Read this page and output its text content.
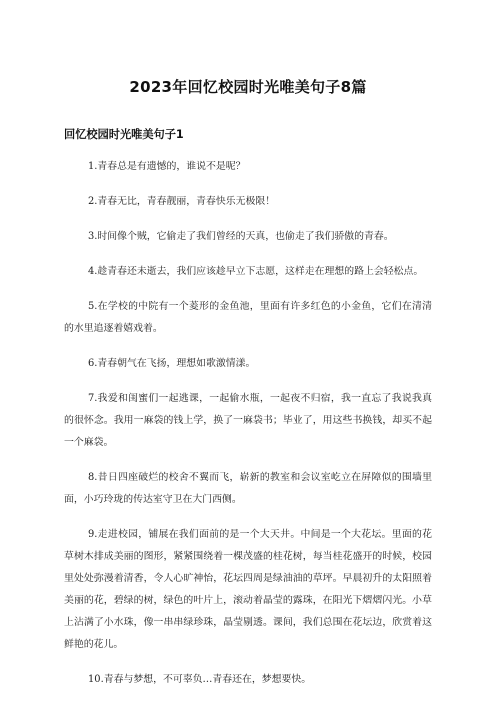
2023年回忆校园时光唯美句子8篇
回忆校园时光唯美句子1

1.青春总是有遗憾的，谁说不是呢？

2.青春无比，青春靓丽，青春快乐无极限！

3.时间像个贼，它偷走了我们曾经的天真，也偷走了我们骄傲的青春。

4.趁青春还未逝去，我们应该趁早立下志愿，这样走在理想的路上会轻松点。

5.在学校的中院有一个菱形的金鱼池，里面有许多红色的小金鱼，它们在清清的水里追逐着嬉戏着。

6.青春朝气在飞扬，理想如歌激情漾。

7.我爱和闺蜜们一起逃课，一起偷水瓶，一起夜不归宿，我一直忘了我说我真的很怀念。我用一麻袋的钱上学，换了一麻袋书；毕业了，用这些书换钱，却买不起一个麻袋。

8.昔日四座破烂的校舍不翼而飞，崭新的教室和会议室屹立在屏障似的围墙里面，小巧玲珑的传达室守卫在大门西侧。

9.走进校园，铺展在我们面前的是一个大天井。中间是一个大花坛。里面的花草树木排成美丽的图形，紧紧围绕着一棵茂盛的桂花树，每当桂花盛开的时候，校园里处处弥漫着清香，令人心旷神怡，花坛四周是绿油油的草坪。早晨初升的太阳照着美丽的花，碧绿的树，绿色的叶片上，滚动着晶莹的露珠，在阳光下熠熠闪光。小草上沾满了小水珠，像一串串绿珍珠，晶莹剔透。课间，我们总围在花坛边，欣赏着这鲜艳的花儿。

10.青春与梦想，不可辜负…青春还在，梦想要快。
